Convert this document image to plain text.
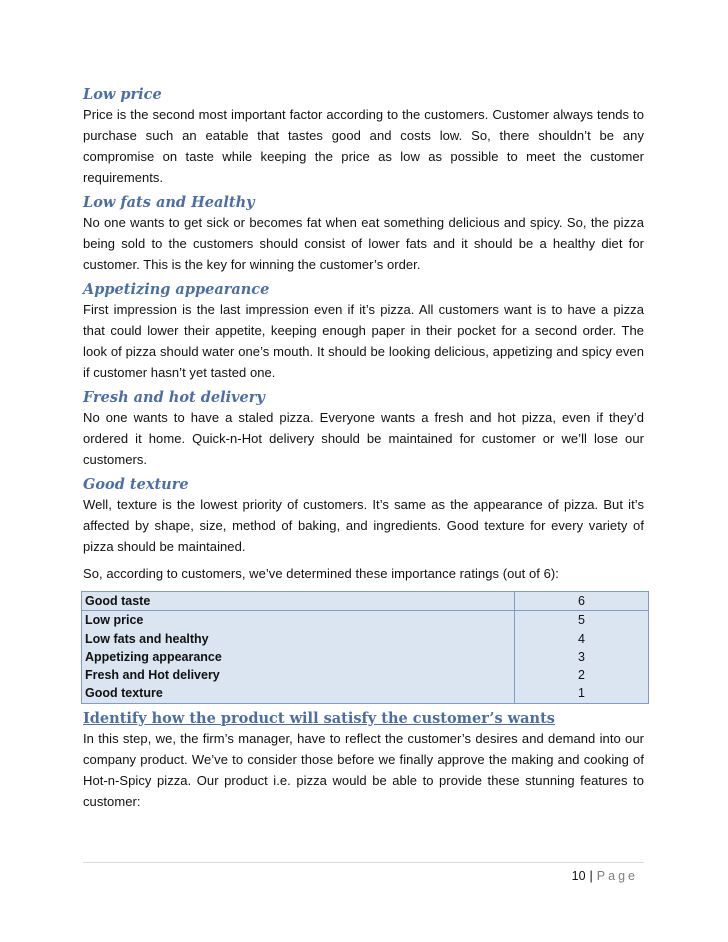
Low price

Price is the second most important factor according to the customers. Customer always tends to purchase such an eatable that tastes good and costs low. So, there shouldn’t be any compromise on taste while keeping the price as low as possible to meet the customer requirements.

Low fats and Healthy

No one wants to get sick or becomes fat when eat something delicious and spicy. So, the pizza being sold to the customers should consist of lower fats and it should be a healthy diet for customer. This is the key for winning the customer’s order.

Appetizing appearance

First impression is the last impression even if it’s pizza. All customers want is to have a pizza that could lower their appetite, keeping enough paper in their pocket for a second order. The look of pizza should water one’s mouth. It should be looking delicious, appetizing and spicy even if customer hasn’t yet tasted one.

Fresh and hot delivery

No one wants to have a staled pizza. Everyone wants a fresh and hot pizza, even if they’d ordered it home. Quick-n-Hot delivery should be maintained for customer or we’ll lose our customers.

Good texture

Well, texture is the lowest priority of customers. It’s same as the appearance of pizza. But it’s affected by shape, size, method of baking, and ingredients. Good texture for every variety of pizza should be maintained.

So, according to customers, we’ve determined these importance ratings (out of 6):

Good taste	6
Low price	5
Low fats and healthy	4
Appetizing appearance	3
Fresh and Hot delivery	2
Good texture	1

Identify how the product will satisfy the customer’s wants

In this step, we, the firm’s manager, have to reflect the customer’s desires and demand into our company product. We’ve to consider those before we finally approve the making and cooking of Hot-n-Spicy pizza. Our product i.e. pizza would be able to provide these stunning features to customer:

10 | Page
